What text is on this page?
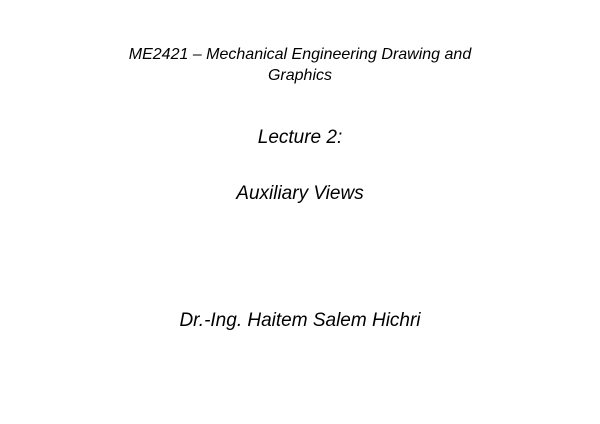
ME2421 – Mechanical Engineering Drawing and
Graphics
Lecture 2:
Auxiliary Views
Dr.-Ing. Haitem Salem Hichri
